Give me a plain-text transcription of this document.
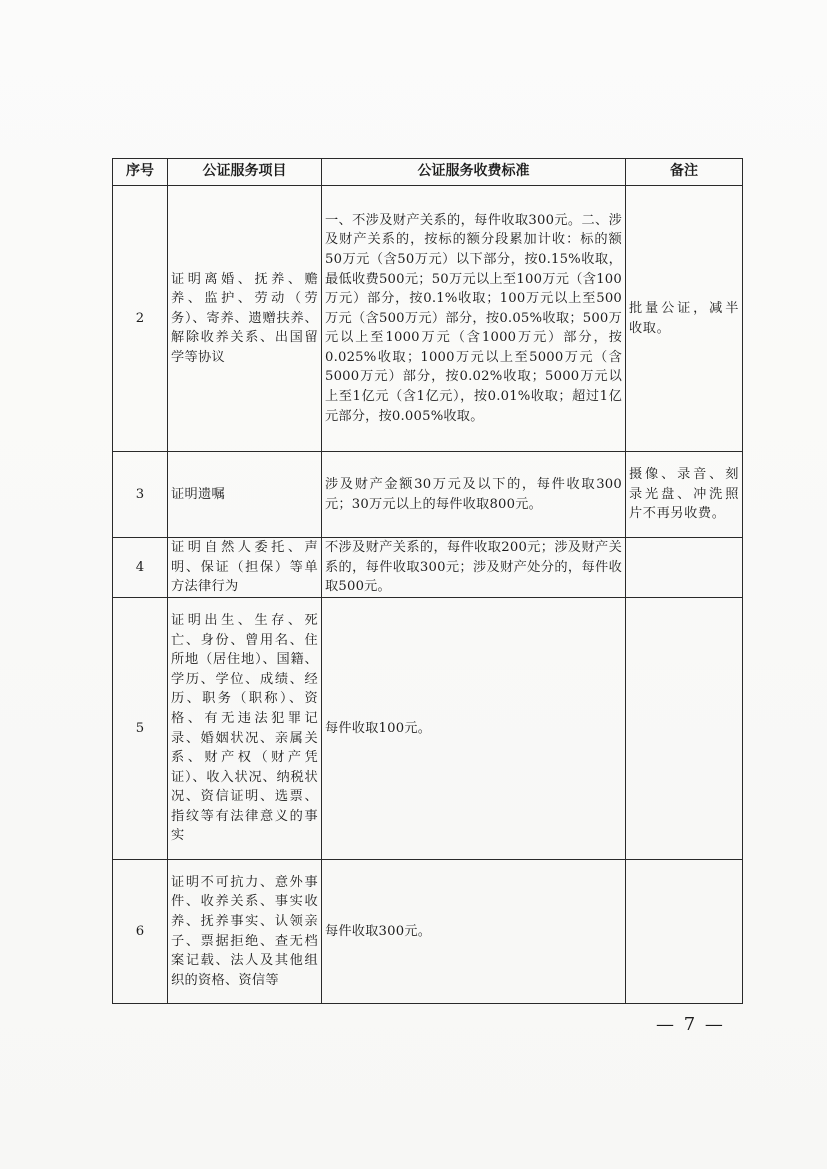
序号	公证服务项目	公证服务收费标准	备注
2	证明离婚、抚养、赡养、监护、劳动（劳务）、寄养、遗赠扶养、解除收养关系、出国留学等协议	一、不涉及财产关系的，每件收取300元。二、涉及财产关系的，按标的额分段累加计收：标的额50万元（含50万元）以下部分，按0.15%收取，最低收费500元；50万元以上至100万元（含100万元）部分，按0.1%收取；100万元以上至500万元（含500万元）部分，按0.05%收取；500万元以上至1000万元（含1000万元）部分，按0.025%收取；1000万元以上至5000万元（含5000万元）部分，按0.02%收取；5000万元以上至1亿元（含1亿元），按0.01%收取；超过1亿元部分，按0.005%收取。	批量公证，减半收取。
3	证明遗嘱	涉及财产金额30万元及以下的，每件收取300元；30万元以上的每件收取800元。	摄像、录音、刻录光盘、冲洗照片不再另收费。
4	证明自然人委托、声明、保证（担保）等单方法律行为	不涉及财产关系的，每件收取200元；涉及财产关系的，每件收取300元；涉及财产处分的，每件收取500元。	
5	证明出生、生存、死亡、身份、曾用名、住所地（居住地）、国籍、学历、学位、成绩、经历、职务（职称）、资格、有无违法犯罪记录、婚姻状况、亲属关系、财产权（财产凭证）、收入状况、纳税状况、资信证明、选票、指纹等有法律意义的事实	每件收取100元。	
6	证明不可抗力、意外事件、收养关系、事实收养、抚养事实、认领亲子、票据拒绝、查无档案记载、法人及其他组织的资格、资信等	每件收取300元。	
— 7 —
